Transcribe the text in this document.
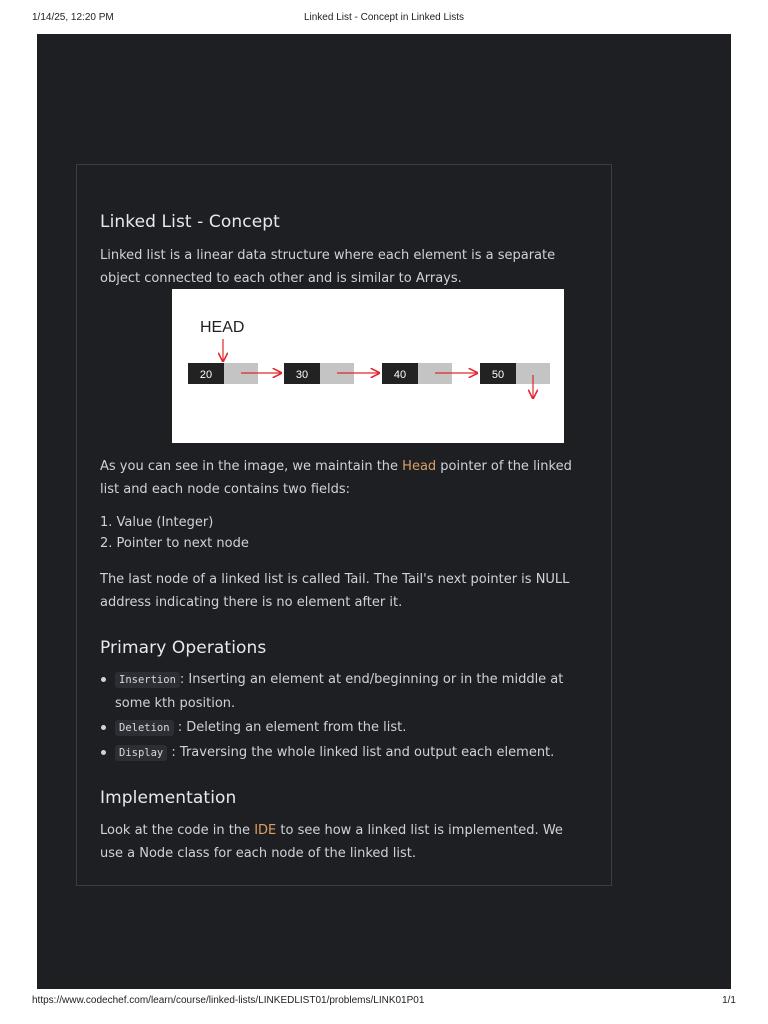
1/14/25, 12:20 PM	Linked List - Concept in Linked Lists
Linked List - Concept

Linked list is a linear data structure where each element is a separate object connected to each other and is similar to Arrays.

HEAD
20	30	40	50

As you can see in the image, we maintain the Head pointer of the linked list and each node contains two fields:

1. Value (Integer)
2. Pointer to next node

The last node of a linked list is called Tail. The Tail's next pointer is NULL address indicating there is no element after it.

Primary Operations
Insertion : Inserting an element at end/beginning or in the middle at some kth position.
Deletion : Deleting an element from the list.
Display : Traversing the whole linked list and output each element.
Implementation

Look at the code in the IDE to see how a linked list is implemented. We use a Node class for each node of the linked list.

https://www.codechef.com/learn/course/linked-lists/LINKEDLIST01/problems/LINK01P01	1/1
